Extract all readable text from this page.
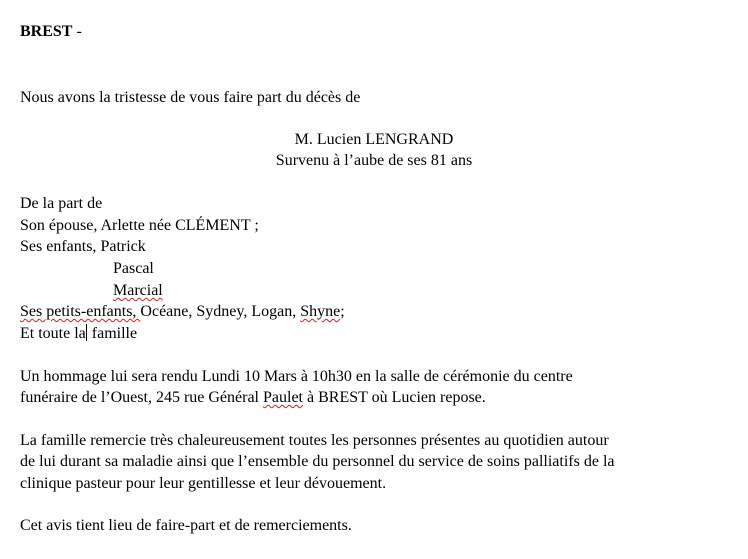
BREST -
Nous avons la tristesse de vous faire part du décès de
M. Lucien LENGRAND
Survenu à l’aube de ses 81 ans
De la part de
Son épouse, Arlette née CLÉMENT ;
Ses enfants, Patrick
Pascal
Marcial
Ses petits-enfants, Océane, Sydney, Logan, Shyne;
Et toute la famille
Un hommage lui sera rendu Lundi 10 Mars à 10h30 en la salle de cérémonie du centre
funéraire de l’Ouest, 245 rue Général Paulet à BREST où Lucien repose.
La famille remercie très chaleureusement toutes les personnes présentes au quotidien autour
de lui durant sa maladie ainsi que l’ensemble du personnel du service de soins palliatifs de la
clinique pasteur pour leur gentillesse et leur dévouement.
Cet avis tient lieu de faire-part et de remerciements.
